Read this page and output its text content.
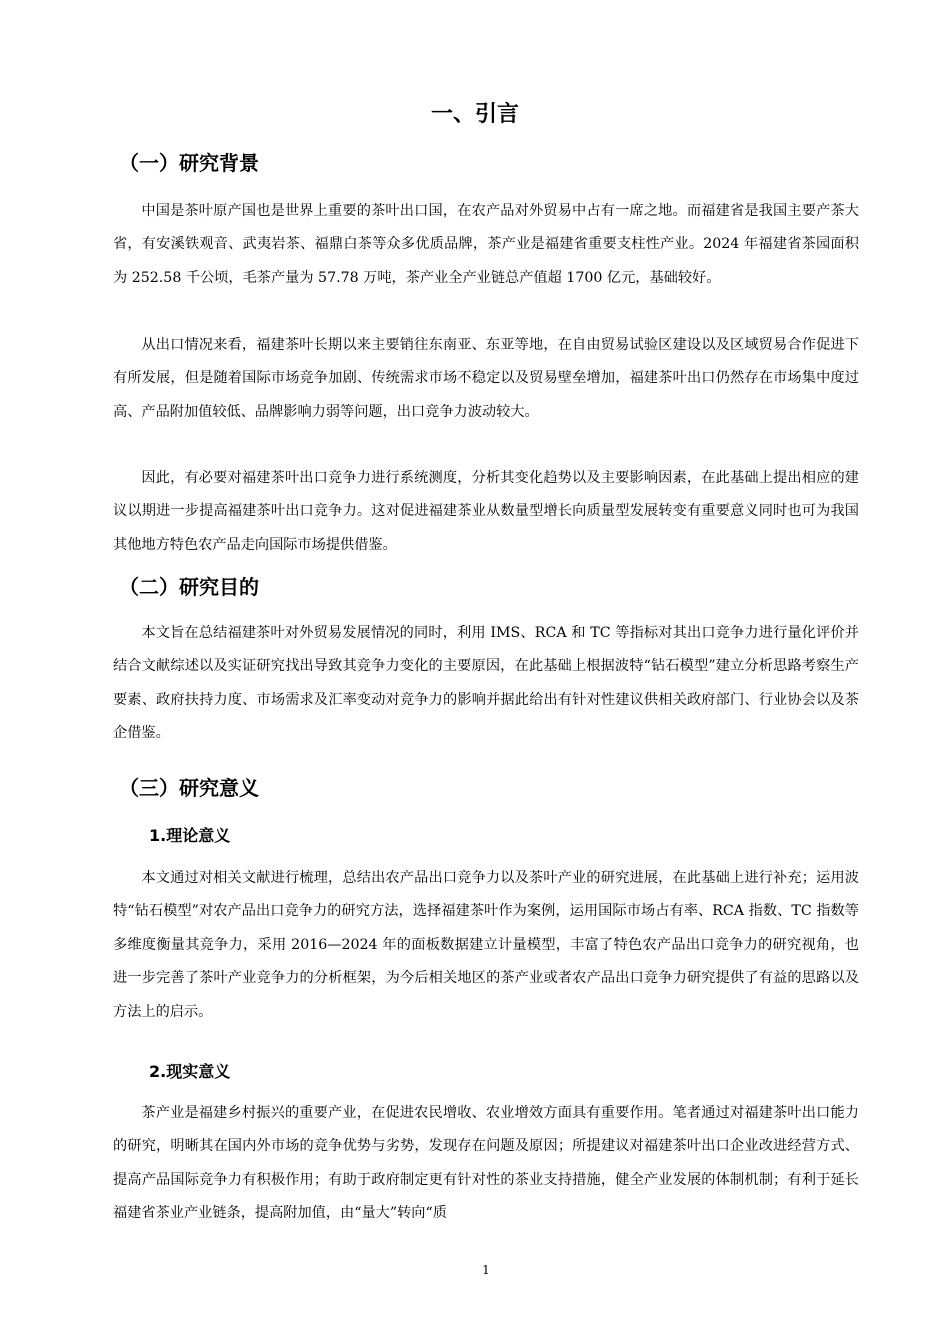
一、引言
（一）研究背景

中国是茶叶原产国也是世界上重要的茶叶出口国，在农产品对外贸易中占有一席之地。而福建省是我国主要产茶大省，有安溪铁观音、武夷岩茶、福鼎白茶等众多优质品牌，茶产业是福建省重要支柱性产业。2024 年福建省茶园面积为 252.58 千公顷，毛茶产量为 57.78 万吨，茶产业全产业链总产值超 1700 亿元，基础较好。

从出口情况来看，福建茶叶长期以来主要销往东南亚、东亚等地，在自由贸易试验区建设以及区域贸易合作促进下有所发展，但是随着国际市场竞争加剧、传统需求市场不稳定以及贸易壁垒增加，福建茶叶出口仍然存在市场集中度过高、产品附加值较低、品牌影响力弱等问题，出口竞争力波动较大。

因此，有必要对福建茶叶出口竞争力进行系统测度，分析其变化趋势以及主要影响因素，在此基础上提出相应的建议以期进一步提高福建茶叶出口竞争力。这对促进福建茶业从数量型增长向质量型发展转变有重要意义同时也可为我国其他地方特色农产品走向国际市场提供借鉴。

（二）研究目的

本文旨在总结福建茶叶对外贸易发展情况的同时，利用 IMS、RCA 和 TC 等指标对其出口竞争力进行量化评价并结合文献综述以及实证研究找出导致其竞争力变化的主要原因，在此基础上根据波特“钻石模型”建立分析思路考察生产要素、政府扶持力度、市场需求及汇率变动对竞争力的影响并据此给出有针对性建议供相关政府部门、行业协会以及茶企借鉴。

（三）研究意义
1.理论意义

本文通过对相关文献进行梳理，总结出农产品出口竞争力以及茶叶产业的研究进展，在此基础上进行补充；运用波特“钻石模型”对农产品出口竞争力的研究方法，选择福建茶叶作为案例，运用国际市场占有率、RCA 指数、TC 指数等多维度衡量其竞争力，采用 2016—2024 年的面板数据建立计量模型，丰富了特色农产品出口竞争力的研究视角，也进一步完善了茶叶产业竞争力的分析框架，为今后相关地区的茶产业或者农产品出口竞争力研究提供了有益的思路以及方法上的启示。

2.现实意义

茶产业是福建乡村振兴的重要产业，在促进农民增收、农业增效方面具有重要作用。笔者通过对福建茶叶出口能力的研究，明晰其在国内外市场的竞争优势与劣势，发现存在问题及原因；所提建议对福建茶叶出口企业改进经营方式、提高产品国际竞争力有积极作用；有助于政府制定更有针对性的茶业支持措施，健全产业发展的体制机制；有利于延长福建省茶业产业链条，提高附加值，由“量大”转向“质

1
